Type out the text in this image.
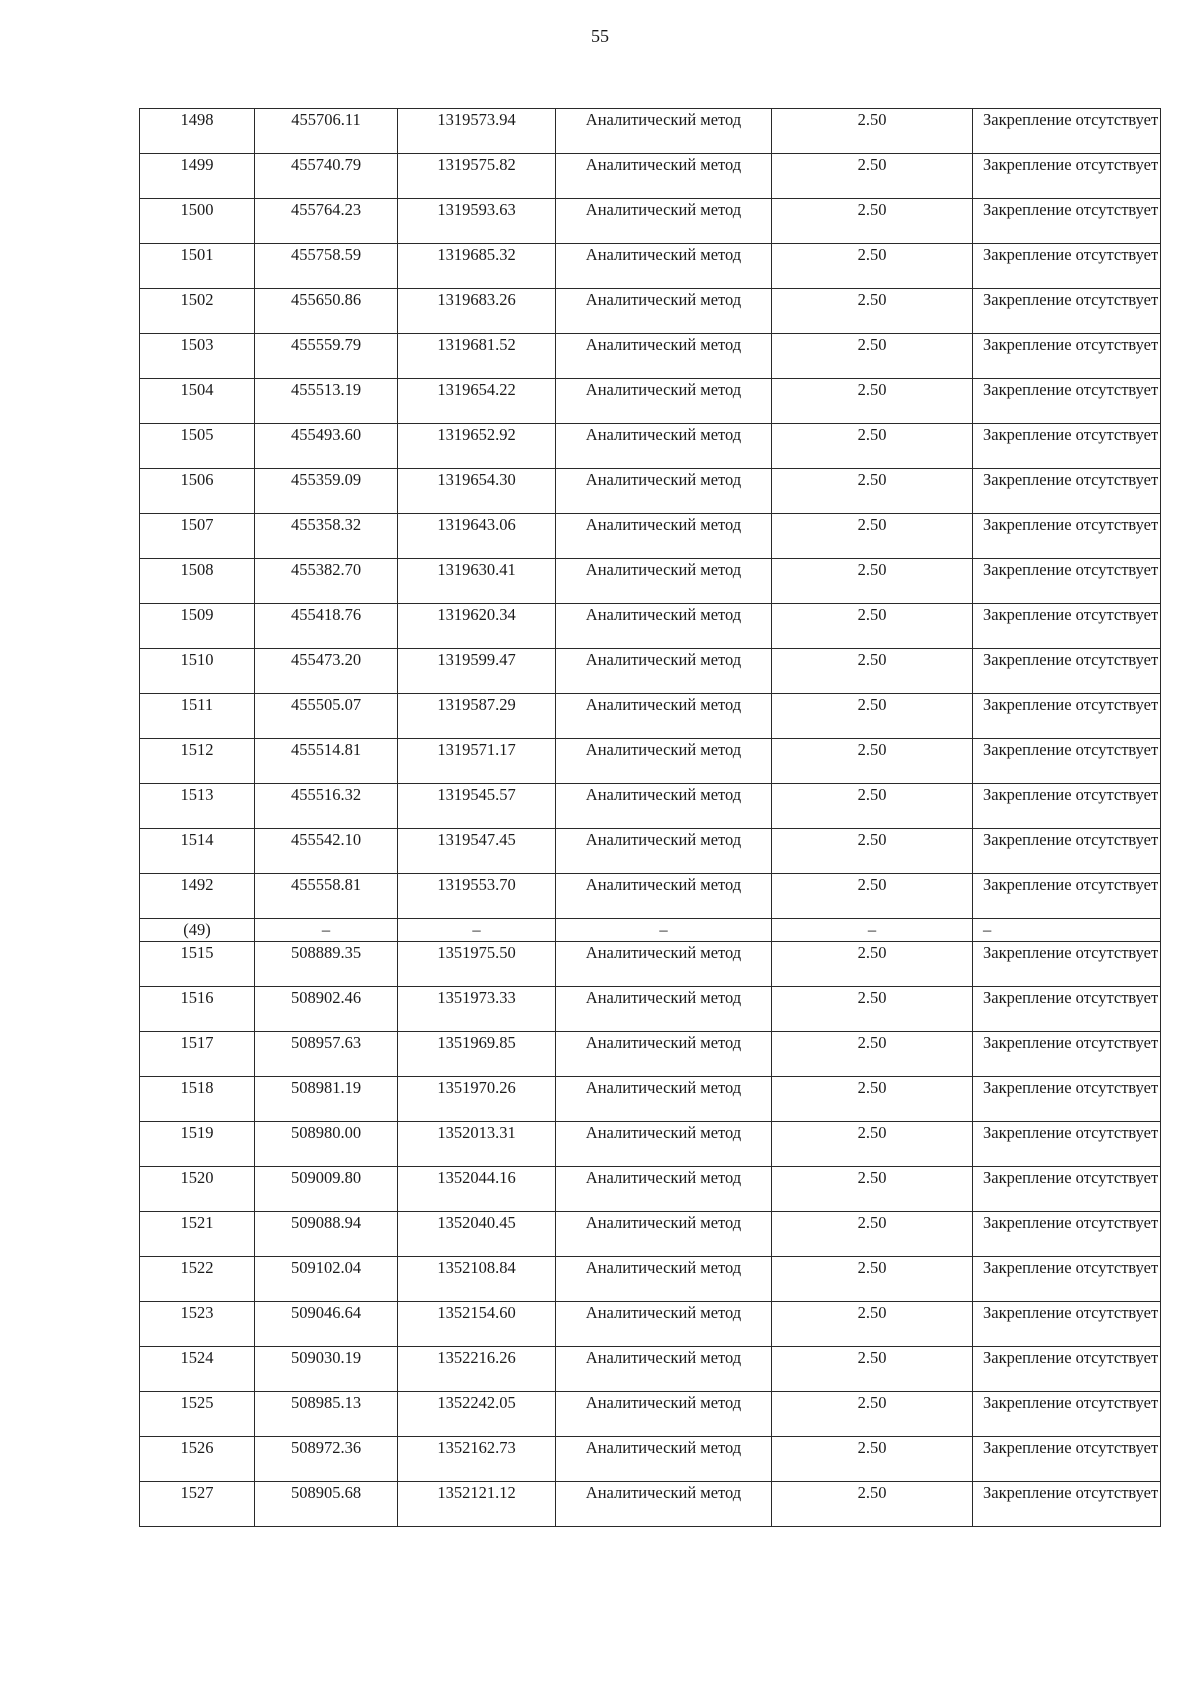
55
1498	455706.11	1319573.94	Аналитический метод	2.50	Закрепление отсутствует
1499	455740.79	1319575.82	Аналитический метод	2.50	Закрепление отсутствует
1500	455764.23	1319593.63	Аналитический метод	2.50	Закрепление отсутствует
1501	455758.59	1319685.32	Аналитический метод	2.50	Закрепление отсутствует
1502	455650.86	1319683.26	Аналитический метод	2.50	Закрепление отсутствует
1503	455559.79	1319681.52	Аналитический метод	2.50	Закрепление отсутствует
1504	455513.19	1319654.22	Аналитический метод	2.50	Закрепление отсутствует
1505	455493.60	1319652.92	Аналитический метод	2.50	Закрепление отсутствует
1506	455359.09	1319654.30	Аналитический метод	2.50	Закрепление отсутствует
1507	455358.32	1319643.06	Аналитический метод	2.50	Закрепление отсутствует
1508	455382.70	1319630.41	Аналитический метод	2.50	Закрепление отсутствует
1509	455418.76	1319620.34	Аналитический метод	2.50	Закрепление отсутствует
1510	455473.20	1319599.47	Аналитический метод	2.50	Закрепление отсутствует
1511	455505.07	1319587.29	Аналитический метод	2.50	Закрепление отсутствует
1512	455514.81	1319571.17	Аналитический метод	2.50	Закрепление отсутствует
1513	455516.32	1319545.57	Аналитический метод	2.50	Закрепление отсутствует
1514	455542.10	1319547.45	Аналитический метод	2.50	Закрепление отсутствует
1492	455558.81	1319553.70	Аналитический метод	2.50	Закрепление отсутствует
(49)	–	–	–	–	–
1515	508889.35	1351975.50	Аналитический метод	2.50	Закрепление отсутствует
1516	508902.46	1351973.33	Аналитический метод	2.50	Закрепление отсутствует
1517	508957.63	1351969.85	Аналитический метод	2.50	Закрепление отсутствует
1518	508981.19	1351970.26	Аналитический метод	2.50	Закрепление отсутствует
1519	508980.00	1352013.31	Аналитический метод	2.50	Закрепление отсутствует
1520	509009.80	1352044.16	Аналитический метод	2.50	Закрепление отсутствует
1521	509088.94	1352040.45	Аналитический метод	2.50	Закрепление отсутствует
1522	509102.04	1352108.84	Аналитический метод	2.50	Закрепление отсутствует
1523	509046.64	1352154.60	Аналитический метод	2.50	Закрепление отсутствует
1524	509030.19	1352216.26	Аналитический метод	2.50	Закрепление отсутствует
1525	508985.13	1352242.05	Аналитический метод	2.50	Закрепление отсутствует
1526	508972.36	1352162.73	Аналитический метод	2.50	Закрепление отсутствует
1527	508905.68	1352121.12	Аналитический метод	2.50	Закрепление отсутствует
